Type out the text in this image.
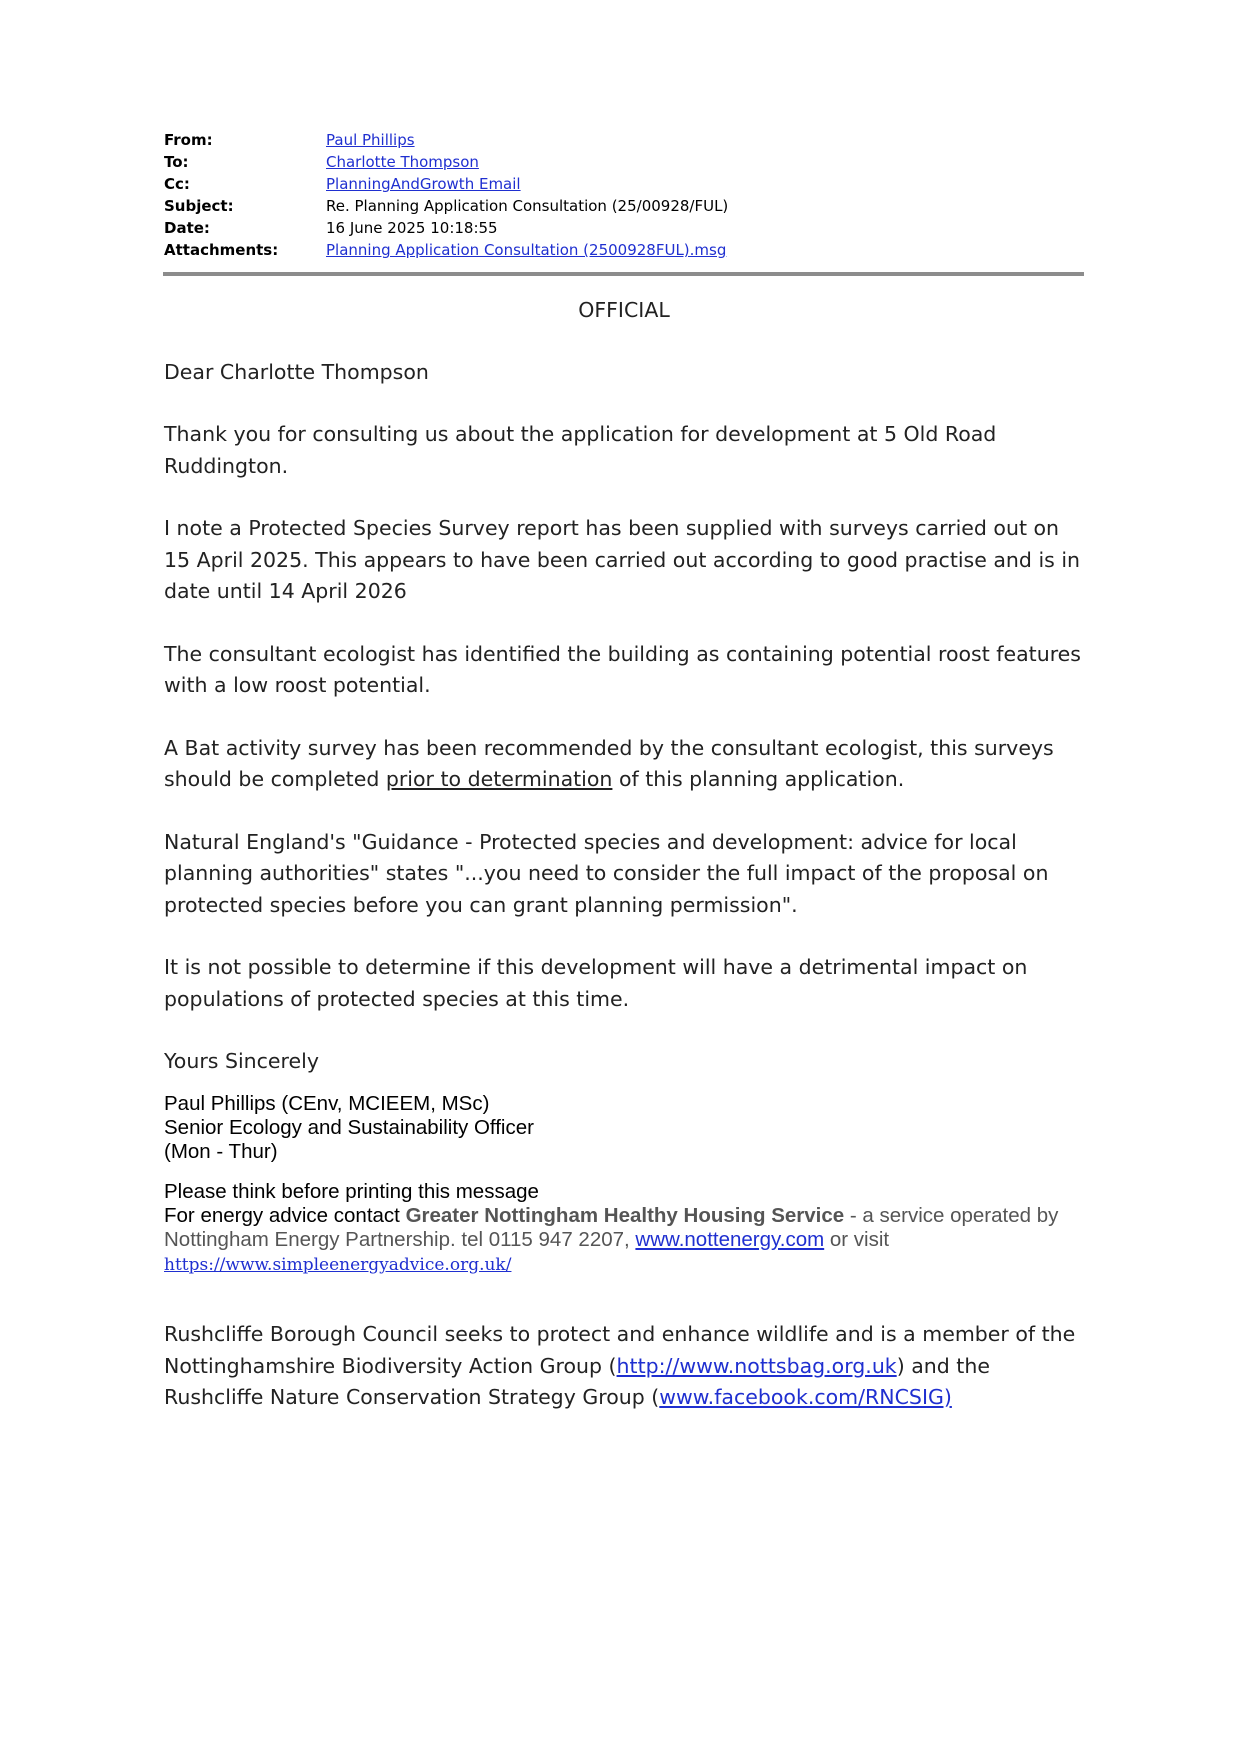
From:	Paul Phillips
To:	Charlotte Thompson
Cc:	PlanningAndGrowth Email
Subject:	Re. Planning Application Consultation (25/00928/FUL)
Date:	16 June 2025 10:18:55
Attachments:	Planning Application Consultation (2500928FUL).msg
OFFICIAL

Dear Charlotte Thompson

Thank you for consulting us about the application for development at 5 Old Road Ruddington.

I note a Protected Species Survey report has been supplied with surveys carried out on 15 April 2025. This appears to have been carried out according to good practise and is in date until 14 April 2026

The consultant ecologist has identified the building as containing potential roost features with a low roost potential.

A Bat activity survey has been recommended by the consultant ecologist, this surveys should be completed prior to determination of this planning application.

Natural England's "Guidance - Protected species and development: advice for local planning authorities" states "...you need to consider the full impact of the proposal on protected species before you can grant planning permission".

It is not possible to determine if this development will have a detrimental impact on populations of protected species at this time.

Yours Sincerely

Paul Phillips (CEnv, MCIEEM, MSc)
Senior Ecology and Sustainability Officer
(Mon - Thur)
Please think before printing this message
For energy advice contact Greater Nottingham Healthy Housing Service - a service operated by Nottingham Energy Partnership. tel 0115 947 2207, www.nottenergy.com or visit
https://www.simpleenergyadvice.org.uk/
Rushcliffe Borough Council seeks to protect and enhance wildlife and is a member of the Nottinghamshire Biodiversity Action Group (http://www.nottsbag.org.uk) and the Rushcliffe Nature Conservation Strategy Group (www.facebook.com/RNCSIG)
